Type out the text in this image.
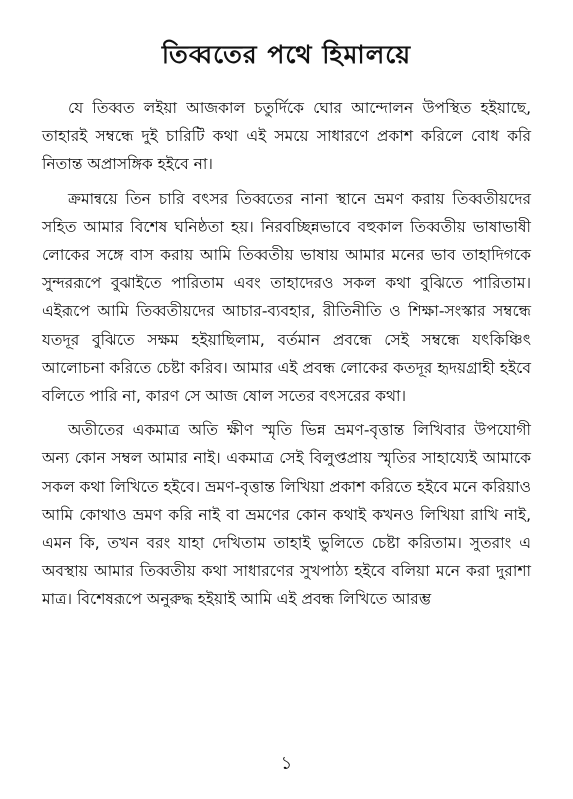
তিব্বতের পথে হিমালয়ে

যে তিব্বত লইয়া আজকাল চতুর্দিকে ঘোর আন্দোলন উপস্থিত হইয়াছে, তাহারই সম্বন্ধে দুই চারিটি কথা এই সময়ে সাধারণে প্রকাশ করিলে বোধ করি নিতান্ত অপ্রাসঙ্গিক হইবে না।

ক্রমান্বয়ে তিন চারি বৎসর তিব্বতের নানা স্থানে ভ্রমণ করায় তিব্বতীয়দের সহিত আমার বিশেষ ঘনিষ্ঠতা হয়। নিরবচ্ছিন্নভাবে বহুকাল তিব্বতীয় ভাষাভাষী লোকের সঙ্গে বাস করায় আমি তিব্বতীয় ভাষায় আমার মনের ভাব তাহাদিগকে সুন্দররূপে বুঝাইতে পারিতাম এবং তাহাদেরও সকল কথা বুঝিতে পারিতাম। এইরূপে আমি তিব্বতীয়দের আচার-ব্যবহার, রীতিনীতি ও শিক্ষা-সংস্কার সম্বন্ধে যতদূর বুঝিতে সক্ষম হইয়াছিলাম, বর্তমান প্রবন্ধে সেই সম্বন্ধে যৎকিঞ্চিৎ আলোচনা করিতে চেষ্টা করিব। আমার এই প্রবন্ধ লোকের কতদূর হৃদয়গ্রাহী হইবে বলিতে পারি না, কারণ সে আজ ষোল সতের বৎসরের কথা।

অতীতের একমাত্র অতি ক্ষীণ স্মৃতি ভিন্ন ভ্রমণ-বৃত্তান্ত লিখিবার উপযোগী অন্য কোন সম্বল আমার নাই। একমাত্র সেই বিলুপ্তপ্রায় স্মৃতির সাহায্যেই আমাকে সকল কথা লিখিতে হইবে। ভ্রমণ-বৃত্তান্ত লিখিয়া প্রকাশ করিতে হইবে মনে করিয়াও আমি কোথাও ভ্রমণ করি নাই বা ভ্রমণের কোন কথাই কখনও লিখিয়া রাখি নাই, এমন কি, তখন বরং যাহা দেখিতাম তাহাই ভুলিতে চেষ্টা করিতাম। সুতরাং এ অবস্থায় আমার তিব্বতীয় কথা সাধারণের সুখপাঠ্য হইবে বলিয়া মনে করা দুরাশা মাত্র। বিশেষরূপে অনুরুদ্ধ হইয়াই আমি এই প্রবন্ধ লিখিতে আরম্ভ

১
